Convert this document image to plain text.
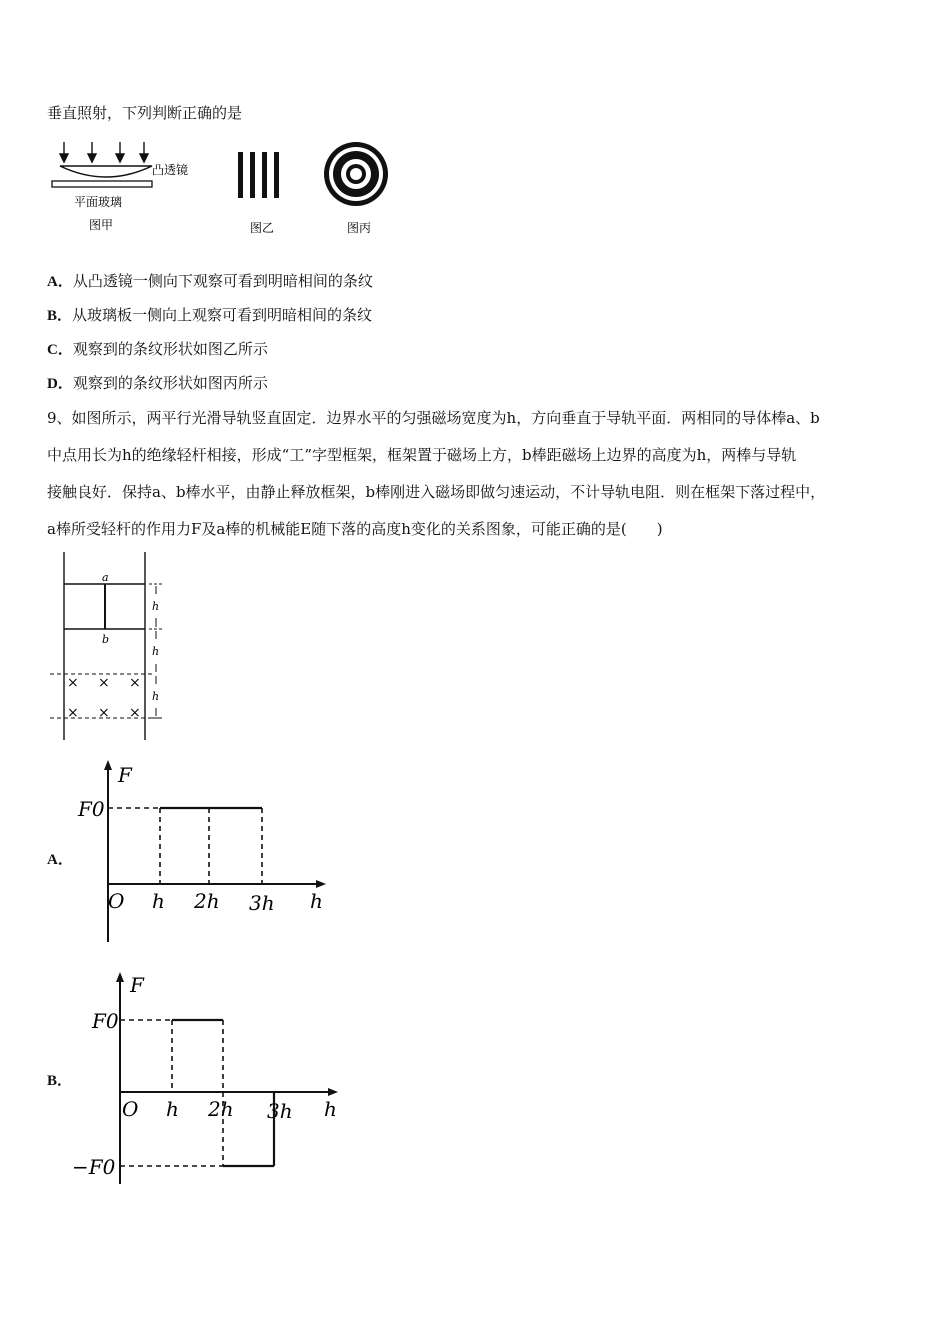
垂直照射，下列判断正确的是
凸透镜
平面玻璃
图甲	图乙	图丙
A．从凸透镜一侧向下观察可看到明暗相间的条纹
B．从玻璃板一侧向上观察可看到明暗相间的条纹
C．观察到的条纹形状如图乙所示
D．观察到的条纹形状如图丙所示
9、如图所示，两平行光滑导轨竖直固定．边界水平的匀强磁场宽度为h，方向垂直于导轨平面．两相同的导体棒a、b
中点用长为h的绝缘轻杆相接，形成“工”字型框架，框架置于磁场上方，b棒距磁场上边界的高度为h，两棒与导轨
接触良好．保持a、b棒水平，由静止释放框架，b棒刚进入磁场即做匀速运动，不计导轨电阻．则在框架下落过程中，
a棒所受轻杆的作用力F及a棒的机械能E随下落的高度h变化的关系图象，可能正确的是(　　)
a
b
× × ×
× × ×
h
h
h
A．
F
F0
O h 2h 3h h
B．
F
F0
−F0
O h 2h 3h h
